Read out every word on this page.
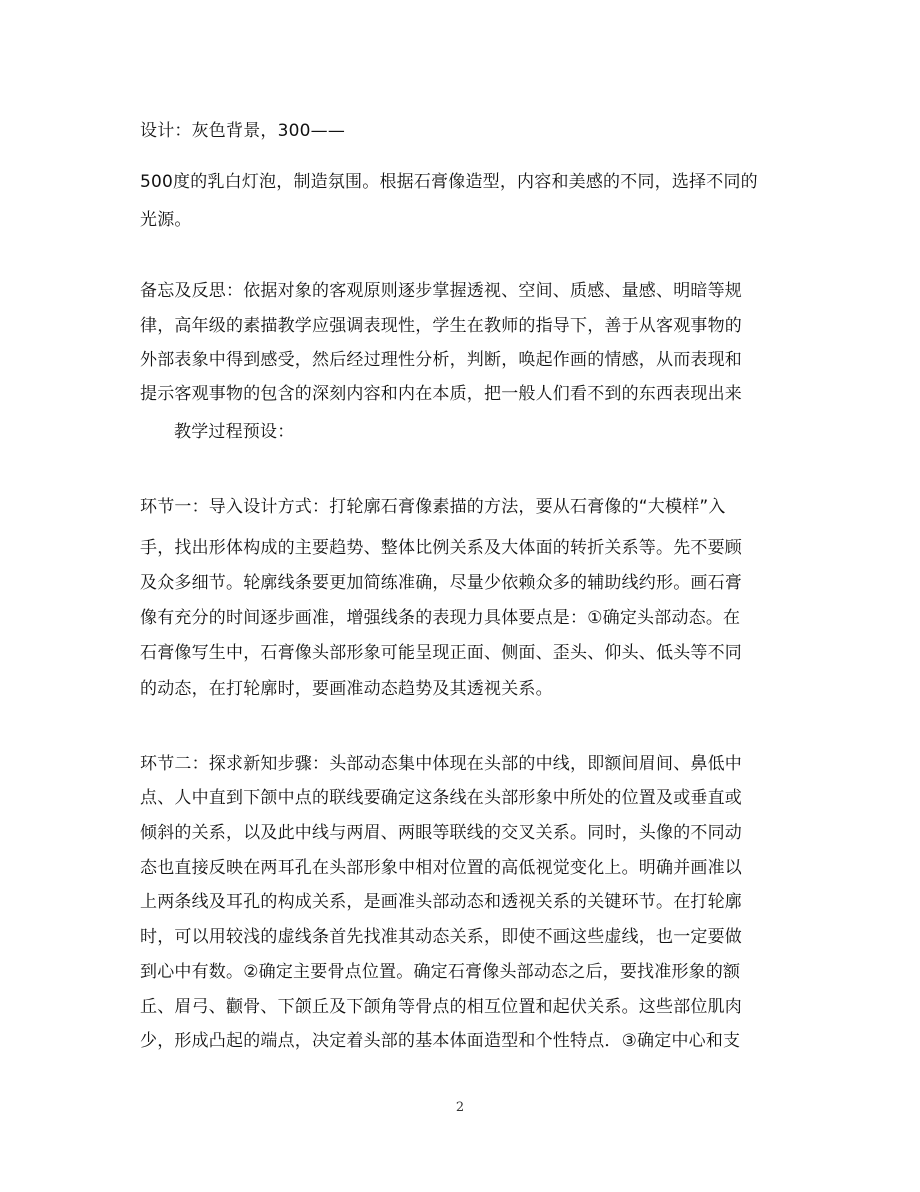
设计：灰色背景，300——
500度的乳白灯泡，制造氛围。根据石膏像造型，内容和美感的不同，选择不同的
光源。
备忘及反思：依据对象的客观原则逐步掌握透视、空间、质感、量感、明暗等规
律，高年级的素描教学应强调表现性，学生在教师的指导下，善于从客观事物的
外部表象中得到感受，然后经过理性分析，判断，唤起作画的情感，从而表现和
提示客观事物的包含的深刻内容和内在本质，把一般人们看不到的东西表现出来
教学过程预设：
环节一：导入设计方式：打轮廓石膏像素描的方法，要从石膏像的“大模样”入
手，找出形体构成的主要趋势、整体比例关系及大体面的转折关系等。先不要顾
及众多细节。轮廓线条要更加简练准确，尽量少依赖众多的辅助线约形。画石膏
像有充分的时间逐步画准，增强线条的表现力具体要点是：①确定头部动态。在
石膏像写生中，石膏像头部形象可能呈现正面、侧面、歪头、仰头、低头等不同
的动态，在打轮廓时，要画准动态趋势及其透视关系。
环节二：探求新知步骤：头部动态集中体现在头部的中线，即额间眉间、鼻低中
点、人中直到下颌中点的联线要确定这条线在头部形象中所处的位置及或垂直或
倾斜的关系，以及此中线与两眉、两眼等联线的交叉关系。同时，头像的不同动
态也直接反映在两耳孔在头部形象中相对位置的高低视觉变化上。明确并画准以
上两条线及耳孔的构成关系，是画准头部动态和透视关系的关键环节。在打轮廓
时，可以用较浅的虚线条首先找准其动态关系，即使不画这些虚线，也一定要做
到心中有数。②确定主要骨点位置。确定石膏像头部动态之后，要找准形象的额
丘、眉弓、颧骨、下颌丘及下颌角等骨点的相互位置和起伏关系。这些部位肌肉
少，形成凸起的端点，决定着头部的基本体面造型和个性特点．③确定中心和支
2
